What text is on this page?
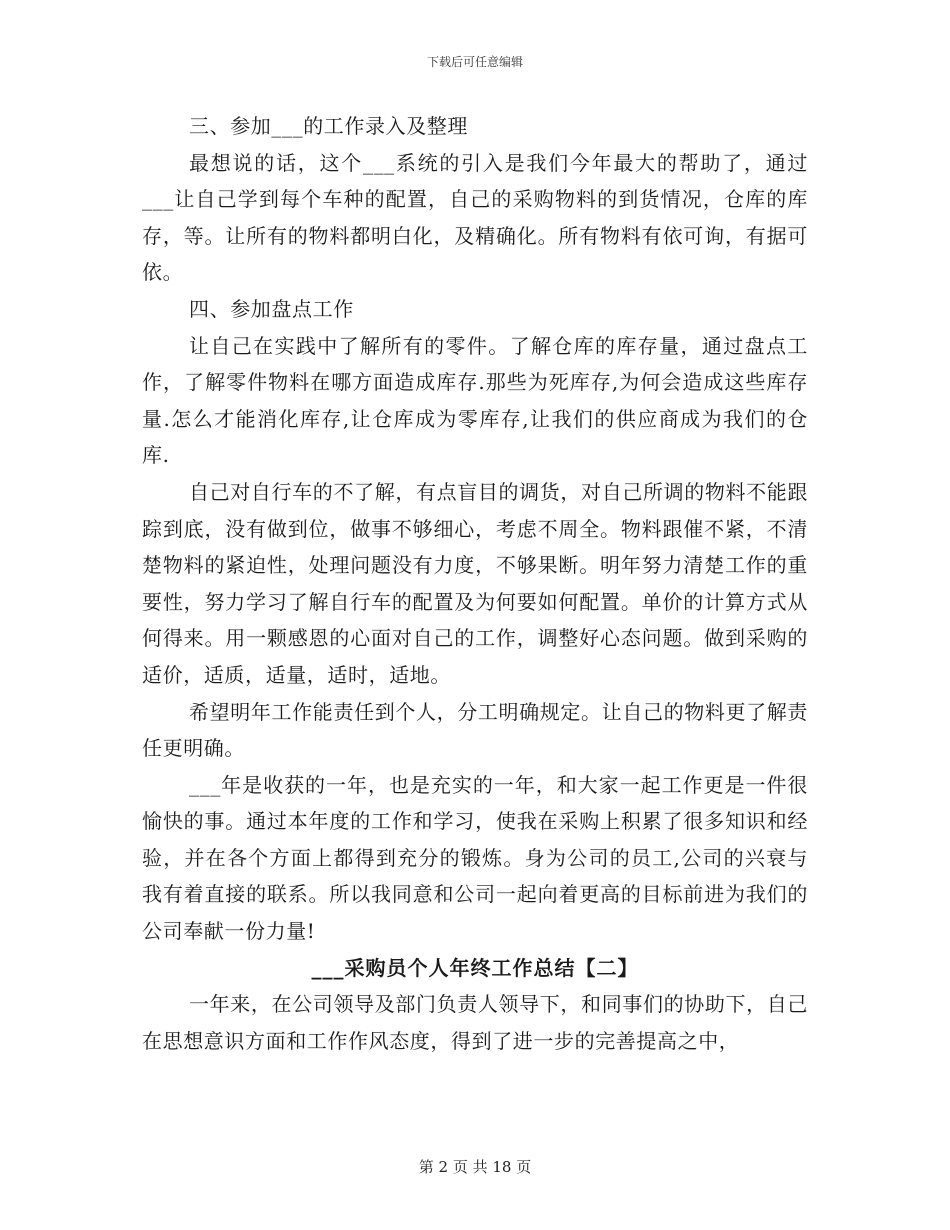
下载后可任意编辑

三、参加___的工作录入及整理

最想说的话，这个___系统的引入是我们今年最大的帮助了，通过___让自己学到每个车种的配置，自己的采购物料的到货情况，仓库的库存，等。让所有的物料都明白化，及精确化。所有物料有依可询，有据可依。

四、参加盘点工作

让自己在实践中了解所有的零件。了解仓库的库存量，通过盘点工作，了解零件物料在哪方面造成库存.那些为死库存,为何会造成这些库存量.怎么才能消化库存,让仓库成为零库存,让我们的供应商成为我们的仓库.

自己对自行车的不了解，有点盲目的调货，对自己所调的物料不能跟踪到底，没有做到位，做事不够细心，考虑不周全。物料跟催不紧，不清楚物料的紧迫性，处理问题没有力度，不够果断。明年努力清楚工作的重要性，努力学习了解自行车的配置及为何要如何配置。单价的计算方式从何得来。用一颗感恩的心面对自己的工作，调整好心态问题。做到采购的适价，适质，适量，适时，适地。

希望明年工作能责任到个人，分工明确规定。让自己的物料更了解责任更明确。

___年是收获的一年，也是充实的一年，和大家一起工作更是一件很愉快的事。通过本年度的工作和学习，使我在采购上积累了很多知识和经验，并在各个方面上都得到充分的锻炼。身为公司的员工,公司的兴衰与我有着直接的联系。所以我同意和公司一起向着更高的目标前进为我们的公司奉献一份力量!

___采购员个人年终工作总结【二】

一年来，在公司领导及部门负责人领导下，和同事们的协助下，自己在思想意识方面和工作作风态度，得到了进一步的完善提高之中，

第 2 页 共 18 页
